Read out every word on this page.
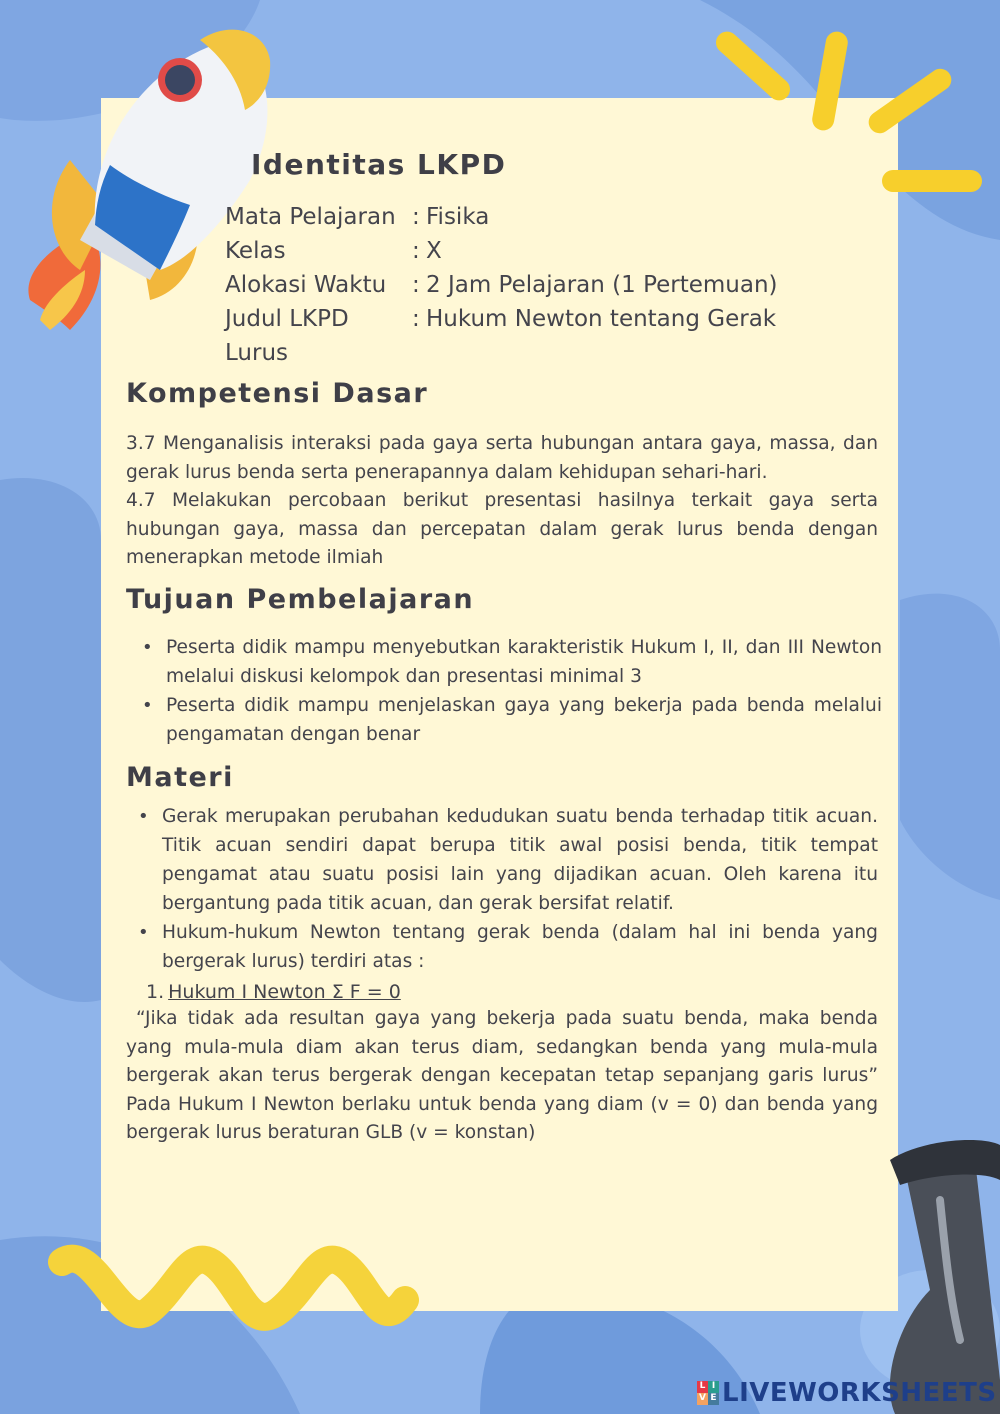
Identitas LKPD
Mata Pelajaran : Fisika
Kelas	: X
Alokasi Waktu	: 2 Jam Pelajaran (1 Pertemuan)
Judul LKPD	: Hukum Newton tentang Gerak
Lurus
Kompetensi Dasar

3.7 Menganalisis interaksi pada gaya serta hubungan antara gaya, massa, dan gerak lurus benda serta penerapannya dalam kehidupan sehari-hari.

4.7 Melakukan percobaan berikut presentasi hasilnya terkait gaya serta hubungan gaya, massa dan percepatan dalam gerak lurus benda dengan menerapkan metode ilmiah

Tujuan Pembelajaran
• Peserta didik mampu menyebutkan karakteristik Hukum I, II, dan III Newton melalui diskusi kelompok dan presentasi minimal 3
• Peserta didik mampu menjelaskan gaya yang bekerja pada benda melalui pengamatan dengan benar
Materi
• Gerak merupakan perubahan kedudukan suatu benda terhadap titik acuan. Titik acuan sendiri dapat berupa titik awal posisi benda, titik tempat pengamat atau suatu posisi lain yang dijadikan acuan. Oleh karena itu bergantung pada titik acuan, dan gerak bersifat relatif.
• Hukum-hukum Newton tentang gerak benda (dalam hal ini benda yang bergerak lurus) terdiri atas :
1. Hukum I Newton Σ F = 0

“Jika tidak ada resultan gaya yang bekerja pada suatu benda, maka benda yang mula-mula diam akan terus diam, sedangkan benda yang mula-mula bergerak akan terus bergerak dengan kecepatan tetap sepanjang garis lurus” Pada Hukum I Newton berlaku untuk benda yang diam (v = 0) dan benda yang bergerak lurus beraturan GLB (v = konstan)

L I
V E LIVEWORKSHEETS
